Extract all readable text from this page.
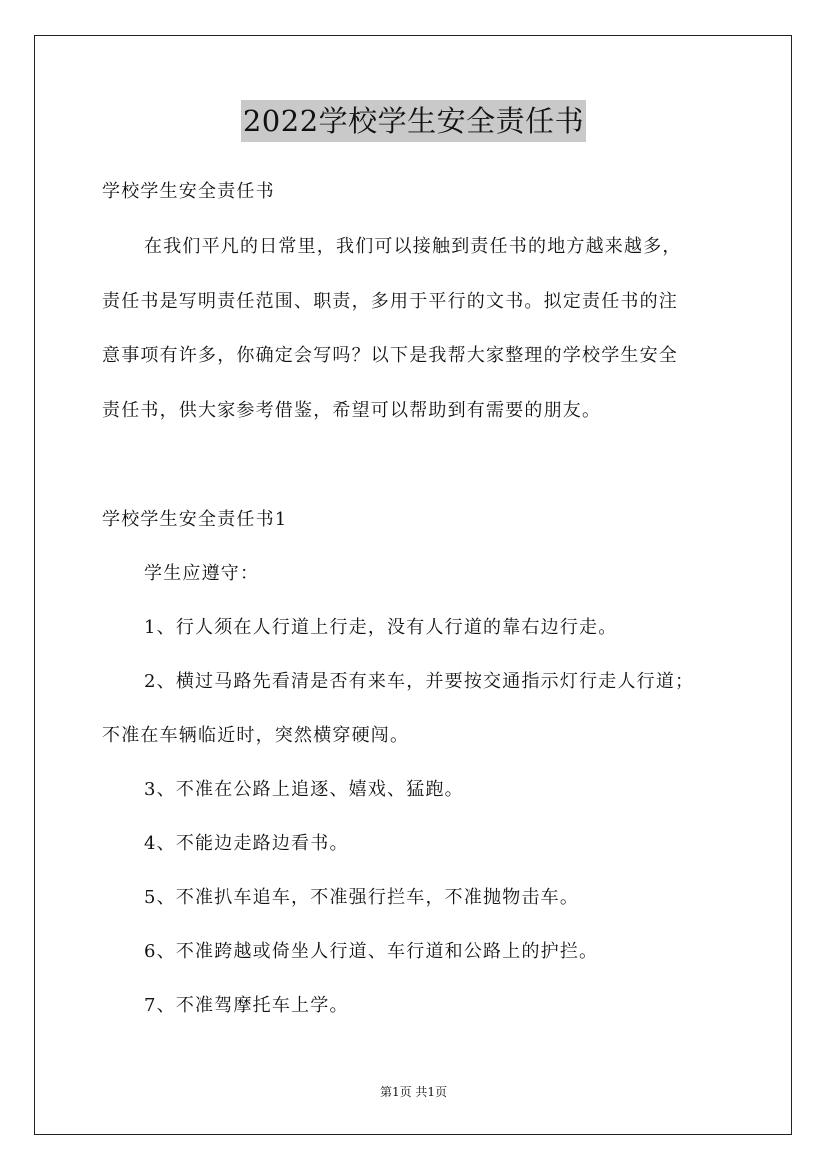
2022学校学生安全责任书
学校学生安全责任书
在我们平凡的日常里，我们可以接触到责任书的地方越来越多，
责任书是写明责任范围、职责，多用于平行的文书。拟定责任书的注
意事项有许多，你确定会写吗？以下是我帮大家整理的学校学生安全
责任书，供大家参考借鉴，希望可以帮助到有需要的朋友。
学校学生安全责任书1
学生应遵守：
1、行人须在人行道上行走，没有人行道的靠右边行走。
2、横过马路先看清是否有来车，并要按交通指示灯行走人行道；
不准在车辆临近时，突然横穿硬闯。
3、不准在公路上追逐、嬉戏、猛跑。
4、不能边走路边看书。
5、不准扒车追车，不准强行拦车，不准抛物击车。
6、不准跨越或倚坐人行道、车行道和公路上的护拦。
7、不准驾摩托车上学。
第1页 共1页
